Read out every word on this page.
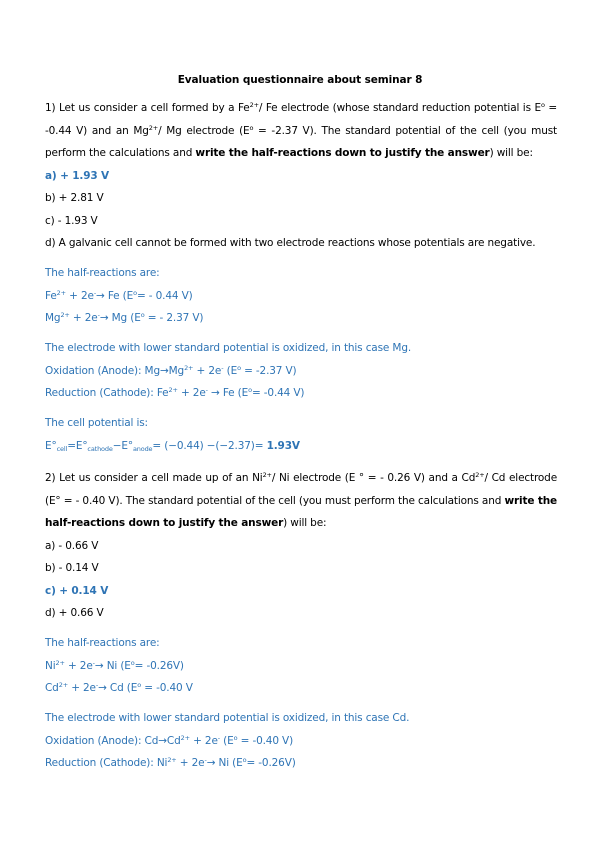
Evaluation questionnaire about seminar 8

1) Let us consider a cell formed by a $Fe^{2+}/$ Fe electrode (whose standard reduction potential is $E^o = -0.44$ V) and an $Mg^{2+}/$ Mg electrode ($E^o = -2.37$ V). The standard potential of the cell (you must perform the calculations and write the half-reactions down to justify the answer) will be:

a) + 1.93 V
b) + 2.81 V
c) - 1.93 V
d) A galvanic cell cannot be formed with two electrode reactions whose potentials are negative.
The half-reactions are:
$Fe^{2+} + 2e^-\to Fe$ ($E^o= - 0.44$ V)
$Mg^{2+} + 2e^-\to Mg$ ($E^o$ = - 2.37 V)
The electrode with lower standard potential is oxidized, in this case Mg.
Oxidation (Anode): $Mg\to Mg^{2+} + 2e^-$ ($E^o = -2.37$ V)
Reduction (Cathode): $Fe^{2+} + 2e^- \to Fe$ ($E^o= -0.44$ V)
The cell potential is:
$E^\circ_{cell}=E^\circ_{cathode}-E^\circ_{anode}= (-0.44) -(-2.37)= 1.93V$

2) Let us consider a cell made up of an $Ni^{2+}/$ Ni electrode (E ° = - 0.26 V) and a $Cd^{2+}/$ Cd electrode (E° = - 0.40 V). The standard potential of the cell (you must perform the calculations and write the half-reactions down to justify the answer) will be:

a) - 0.66 V
b) - 0.14 V
c) + 0.14 V
d) + 0.66 V
The half-reactions are:
$Ni^{2+} + 2e^-\to Ni$ $(E^o= -0.26V)$
$Cd^{2+} + 2e^-\to Cd$ ($E^o = -0.40$ V
The electrode with lower standard potential is oxidized, in this case Cd.
Oxidation (Anode): $Cd\to Cd^{2+} + 2e^-$ ($E^o = -0.40$ V)
Reduction (Cathode): $Ni^{2+} + 2e^-\to Ni$ $(E^o= -0.26V)$
